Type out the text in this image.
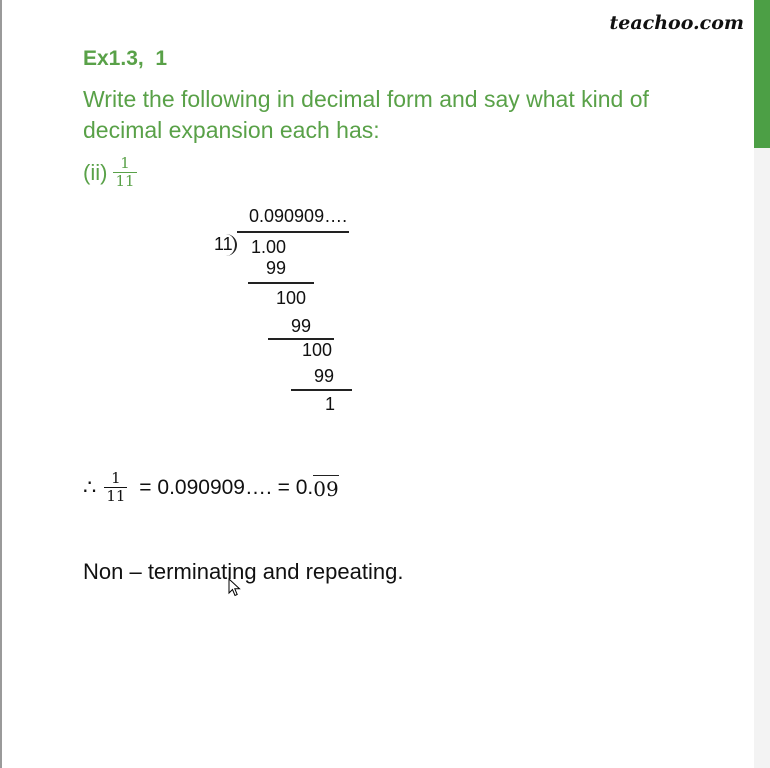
teachoo.com
Ex1.3,  1
Write the following in decimal form and say what kind of decimal expansion each has:
$(ii) \frac{1}{11}$
0.090909….
11 1.00
99
100
99
100
99
1
∴ $\frac{1}{11}$ = 0.090909…. = 0. 09
Non – terminating and repeating.
